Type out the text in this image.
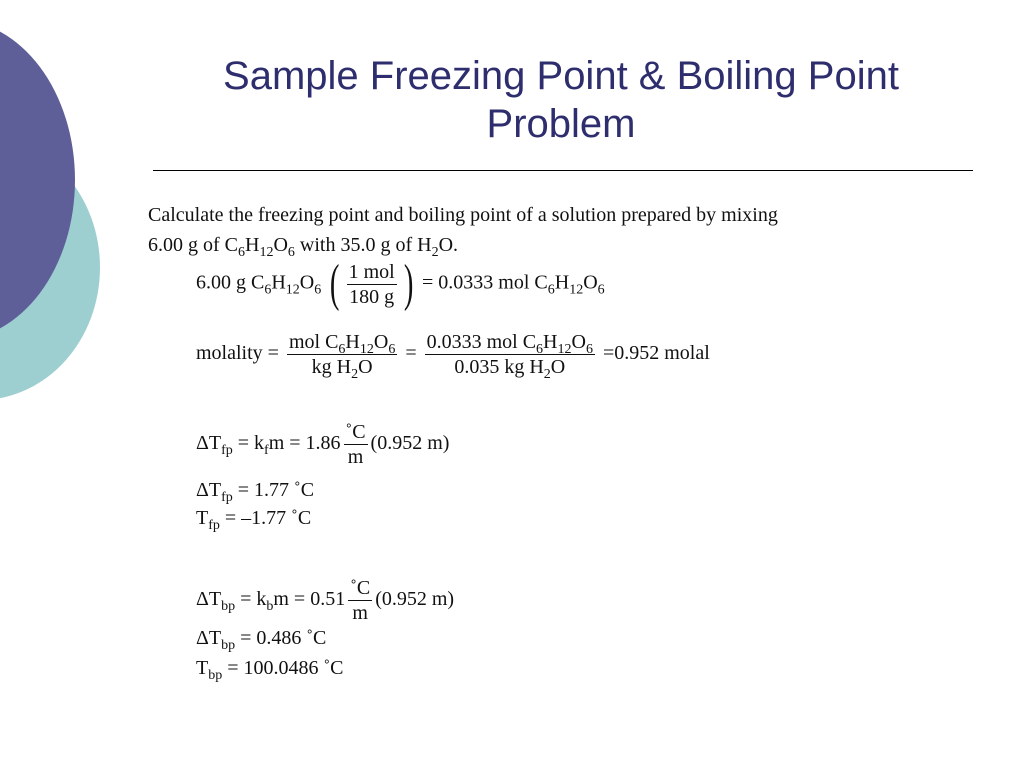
Sample Freezing Point & Boiling Point Problem
Calculate the freezing point and boiling point of a solution prepared by mixing
6.00 g of $C_6H_{12}O_6$ with 35.0 g of $H_2O$.
6.00 g $C_6H_{12}O_6$ ( $\frac{\text{1 mol}}{180 g}$ ) = 0.0333 mol $C_6H_{12}O_6$
molality = $\frac{mol C_6H_{12}O_6}{kg H_2O} = \frac{0.0333 mol C_6H_{12}O_6}{0.035 kg H_2O} =0.952$ molal
$\Delta T_{fp} = k_fm = 1.86 \frac{˚C}{m} (0.952$ m)
$\Delta T_{fp} = 1.77$ ˚C
$T_{fp} = -1.77$ ˚C
$\Delta T_{bp} = k_bm = 0.51 \frac{˚C}{m} (0.952$ m)
$\Delta T_{bp} = 0.486$ ˚C
$T_{bp} = 100.0486$ ˚C
